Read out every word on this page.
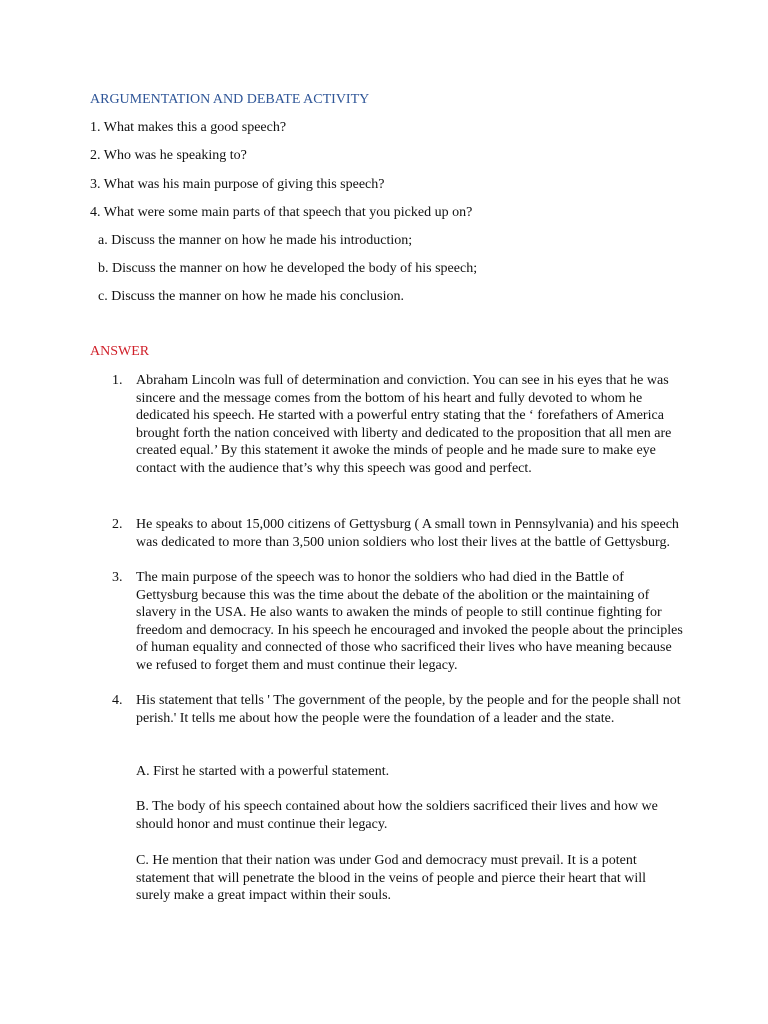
ARGUMENTATION AND DEBATE ACTIVITY
1. What makes this a good speech?
2. Who was he speaking to?
3. What was his main purpose of giving this speech?
4. What were some main parts of that speech that you picked up on?
a. Discuss the manner on how he made his introduction;
b. Discuss the manner on how he developed the body of his speech;
c. Discuss the manner on how he made his conclusion.
ANSWER
1. Abraham Lincoln was full of determination and conviction. You can see in his eyes that he was
sincere and the message comes from the bottom of his heart and fully devoted to whom he
dedicated his speech. He started with a powerful entry stating that the ‘ forefathers of America
brought forth the nation conceived with liberty and dedicated to the proposition that all men are
created equal.’ By this statement it awoke the minds of people and he made sure to make eye
contact with the audience that’s why this speech was good and perfect.
2. He speaks to about 15,000 citizens of Gettysburg ( A small town in Pennsylvania) and his speech
was dedicated to more than 3,500 union soldiers who lost their lives at the battle of Gettysburg.
3. The main purpose of the speech was to honor the soldiers who had died in the Battle of
Gettysburg because this was the time about the debate of the abolition or the maintaining of
slavery in the USA. He also wants to awaken the minds of people to still continue fighting for
freedom and democracy. In his speech he encouraged and invoked the people about the principles
of human equality and connected of those who sacrificed their lives who have meaning because
we refused to forget them and must continue their legacy.
4. His statement that tells ' The government of the people, by the people and for the people shall not
perish.' It tells me about how the people were the foundation of a leader and the state.
A. First he started with a powerful statement.
B. The body of his speech contained about how the soldiers sacrificed their lives and how we
should honor and must continue their legacy.
C. He mention that their nation was under God and democracy must prevail. It is a potent
statement that will penetrate the blood in the veins of people and pierce their heart that will
surely make a great impact within their souls.
